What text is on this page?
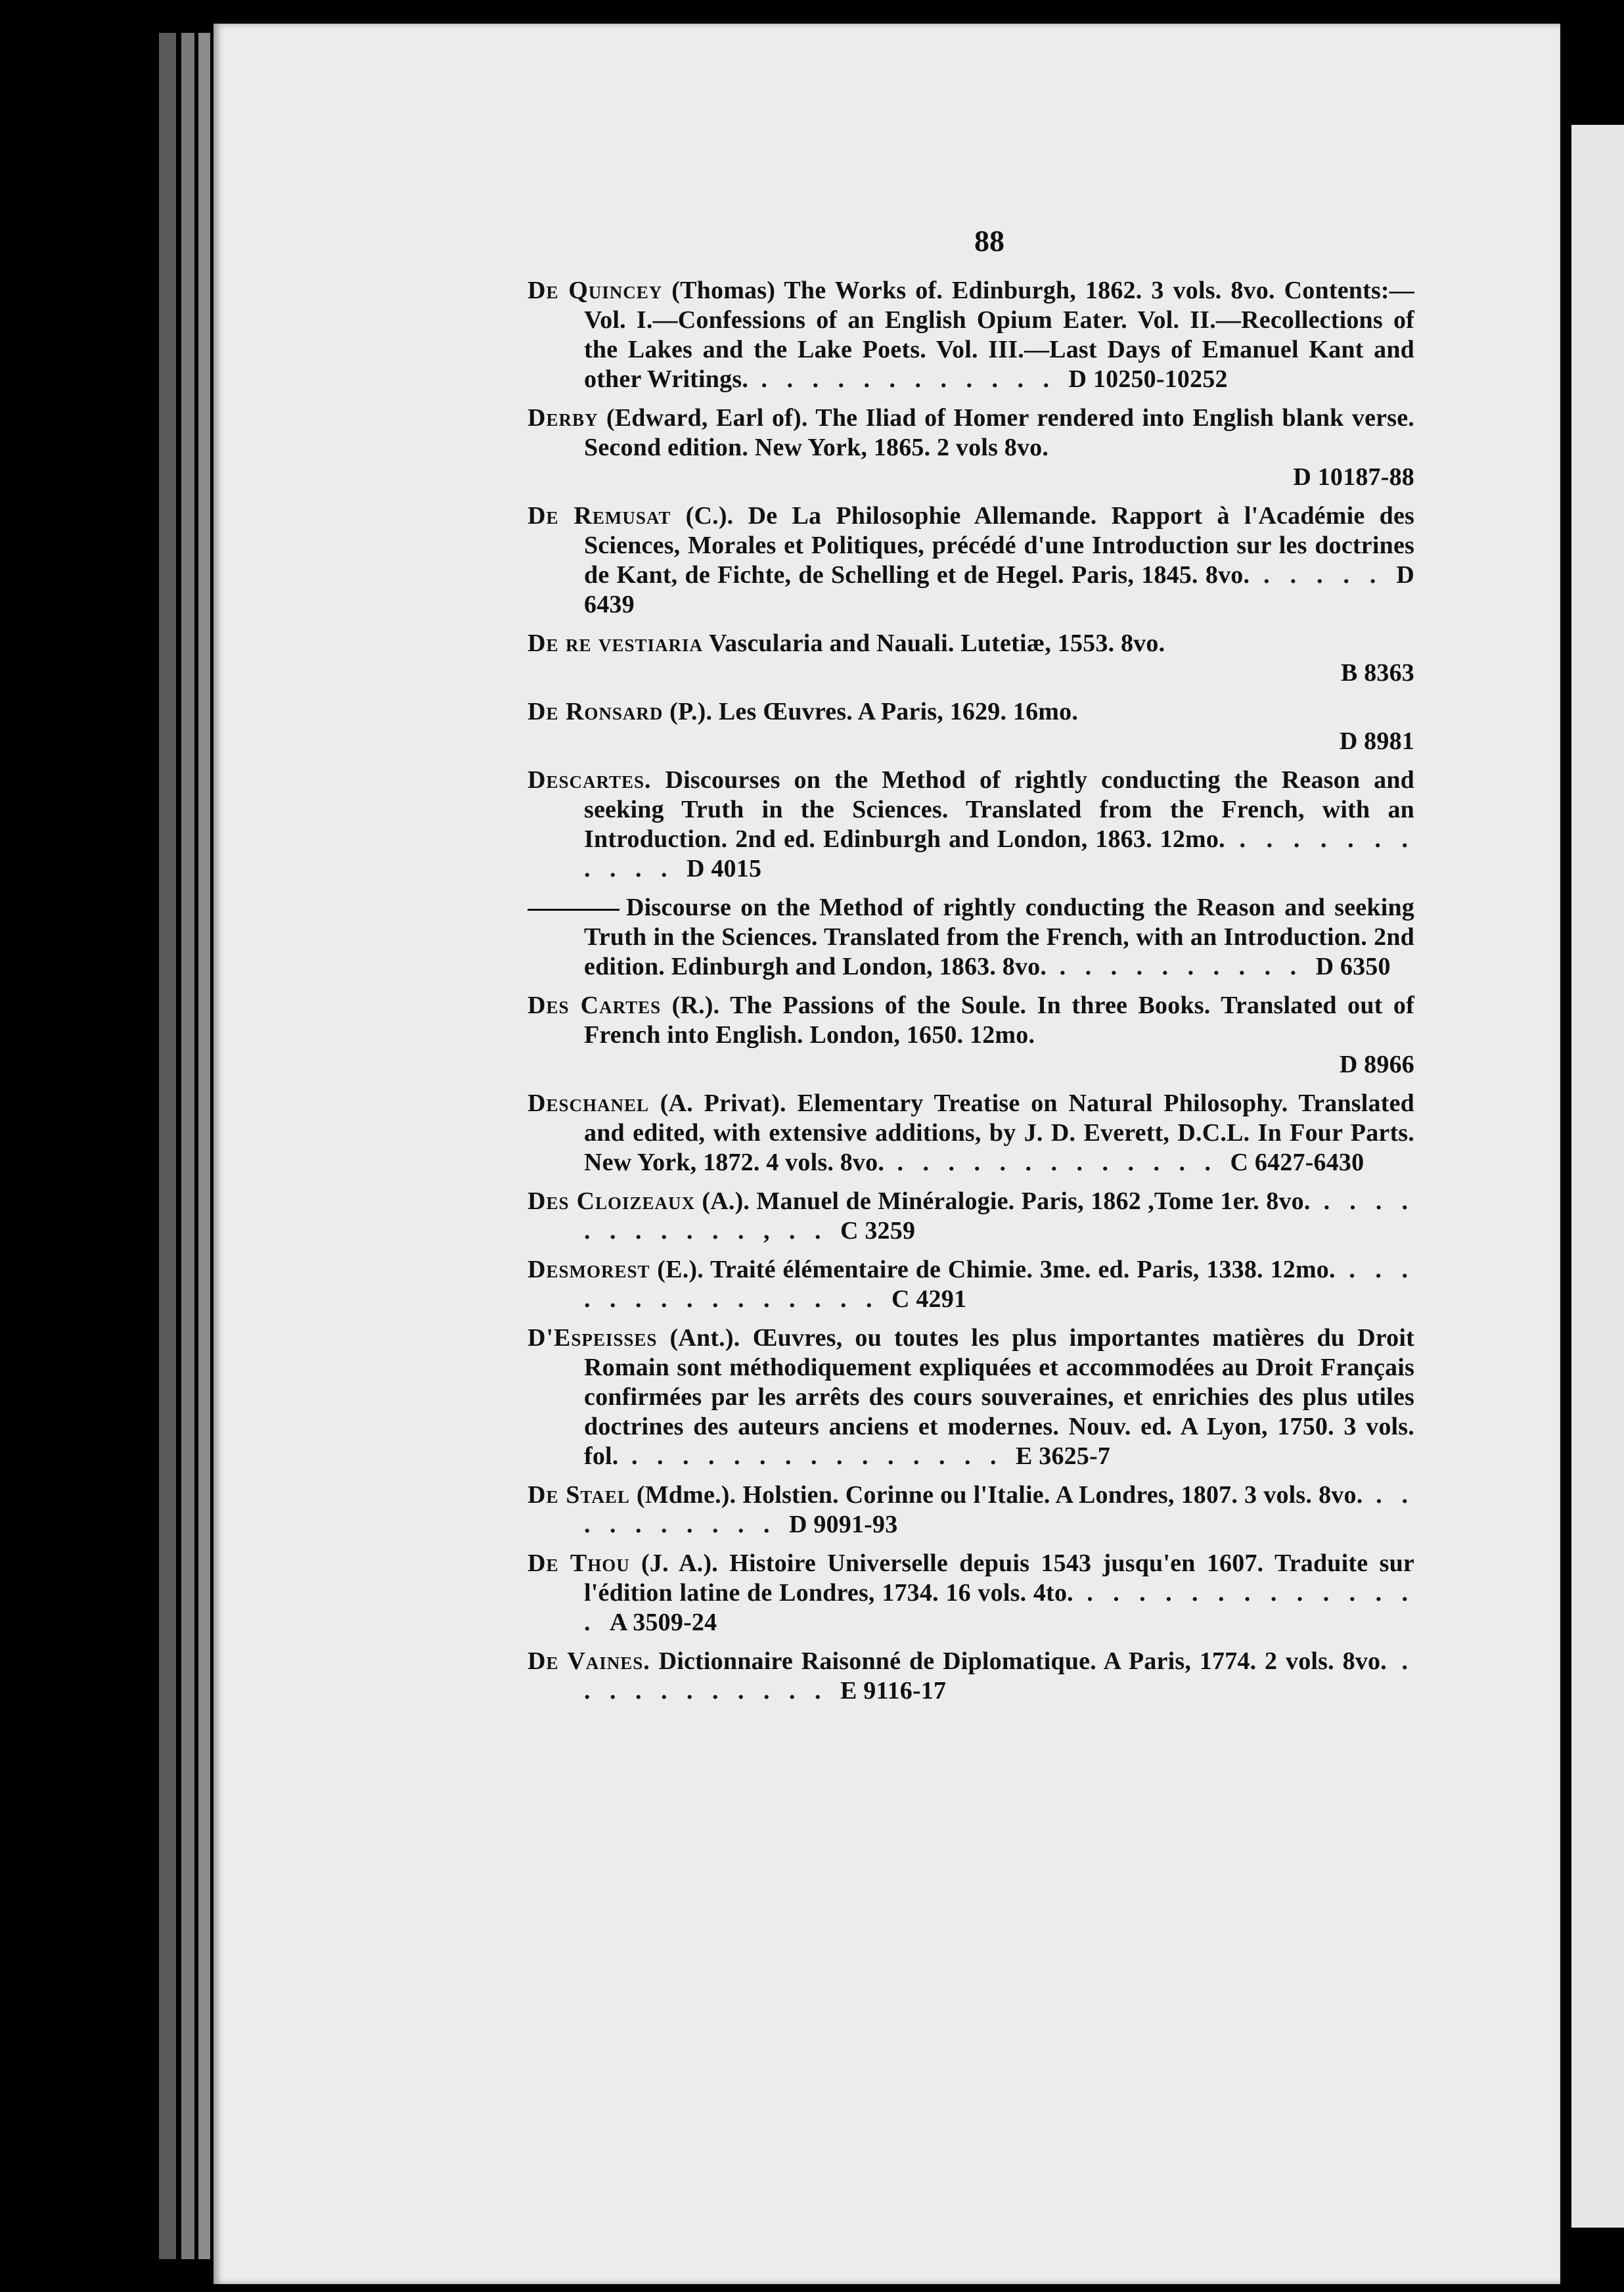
88

De Quincey (Thomas) The Works of. Edinburgh, 1862. 3 vols. 8vo. Contents:—Vol. I.—Confessions of an English Opium Eater. Vol. II.—Recollections of the Lakes and the Lake Poets. Vol. III.—Last Days of Emanuel Kant and other Writings. . . . . . . . . . . . . D 10250-10252

Derby (Edward, Earl of). The Iliad of Homer rendered into English blank verse. Second edition. New York, 1865. 2 vols 8vo.

D 10187-88

De Remusat (C.). De La Philosophie Allemande. Rapport à l'Académie des Sciences, Morales et Politiques, précédé d'une Introduction sur les doctrines de Kant, de Fichte, de Schelling et de Hegel. Paris, 1845. 8vo. . . . . . D 6439

De re vestiaria Vascularia and Nauali. Lutetiæ, 1553. 8vo.

B 8363

De Ronsard (P.). Les Œuvres. A Paris, 1629. 16mo.

D 8981

Descartes. Discourses on the Method of rightly conducting the Reason and seeking Truth in the Sciences. Translated from the French, with an Introduction. 2nd ed. Edinburgh and London, 1863. 12mo. . . . . . . . . . . . D 4015

Discourse on the Method of rightly conducting the Reason and seeking Truth in the Sciences. Translated from the French, with an Introduction. 2nd edition. Edinburgh and London, 1863. 8vo. . . . . . . . . . . D 6350

Des Cartes (R.). The Passions of the Soule. In three Books. Translated out of French into English. London, 1650. 12mo.

D 8966

Deschanel (A. Privat). Elementary Treatise on Natural Philosophy. Translated and edited, with extensive additions, by J. D. Everett, D.C.L. In Four Parts. New York, 1872. 4 vols. 8vo. . . . . . . . . . . . . . C 6427-6430

Des Cloizeaux (A.). Manuel de Minéralogie. Paris, 1862 ,Tome 1er. 8vo. . . . . . . . . . . . , . . C 3259

Desmorest (E.). Traité élémentaire de Chimie. 3me. ed. Paris, 1338. 12mo. . . . . . . . . . . . . . . . C 4291

D'Espeisses (Ant.). Œuvres, ou toutes les plus importantes matières du Droit Romain sont méthodiquement expliquées et accommodées au Droit Français confirmées par les arrêts des cours souveraines, et enrichies des plus utiles doctrines des auteurs anciens et modernes. Nouv. ed. A Lyon, 1750. 3 vols. fol. . . . . . . . . . . . . . . . E 3625-7

De Stael (Mdme.). Holstien. Corinne ou l'Italie. A Londres, 1807. 3 vols. 8vo. . . . . . . . . . . D 9091-93

De Thou (J. A.). Histoire Universelle depuis 1543 jusqu'en 1607. Traduite sur l'édition latine de Londres, 1734. 16 vols. 4to. . . . . . . . . . . . . . . A 3509-24

De Vaines. Dictionnaire Raisonné de Diplomatique. A Paris, 1774. 2 vols. 8vo. . . . . . . . . . . . E 9116-17
